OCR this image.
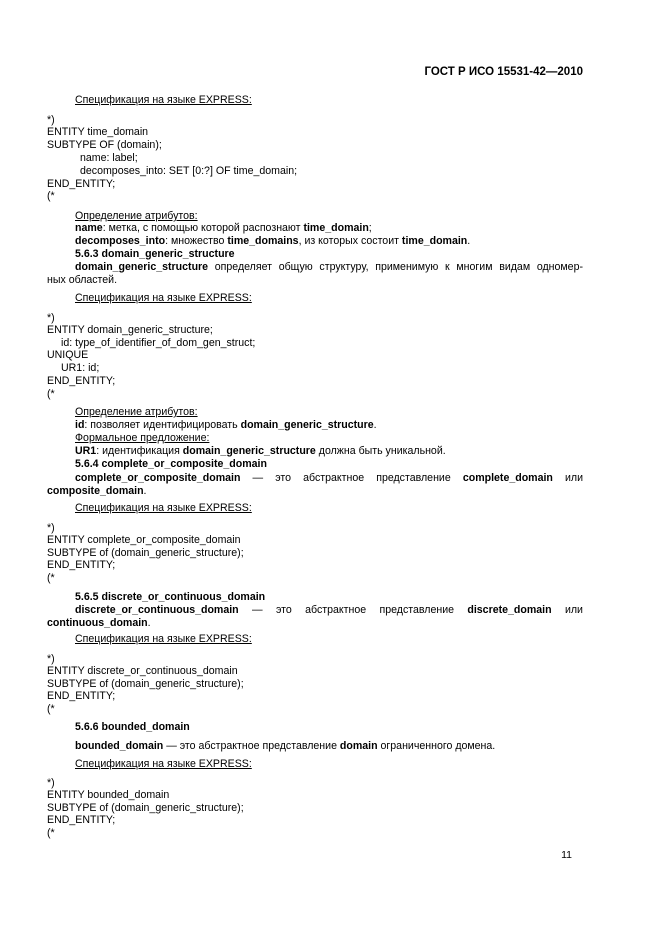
ГОСТ Р ИСО 15531-42—2010
Спецификация на языке EXPRESS:
*)
ENTITY time_domain
SUBTYPE OF (domain);
name: label;
decomposes_into: SET [0:?] OF time_domain;
END_ENTITY;
(*
Определение атрибутов:
name: метка, с помощью которой распознают time_domain;
decomposes_into: множество time_domains, из которых состоит time_domain.
5.6.3 domain_generic_structure
domain_generic_structure определяет общую структуру, применимую к многим видам одномер-
ных областей.
Спецификация на языке EXPRESS:
*)
ENTITY domain_generic_structure;
id: type_of_identifier_of_dom_gen_struct;
UNIQUE
UR1: id;
END_ENTITY;
(*
Определение атрибутов:
id: позволяет идентифицировать domain_generic_structure.
Формальное предложение:
UR1: идентификация domain_generic_structure должна быть уникальной.
5.6.4 complete_or_composite_domain
complete_or_composite_domain — это абстрактное представление complete_domain или
composite_domain.
Спецификация на языке EXPRESS:
*)
ENTITY complete_or_composite_domain
SUBTYPE of (domain_generic_structure);
END_ENTITY;
(*
5.6.5 discrete_or_continuous_domain
discrete_or_continuous_domain — это абстрактное представление discrete_domain или
continuous_domain.
Спецификация на языке EXPRESS:
*)
ENTITY discrete_or_continuous_domain
SUBTYPE of (domain_generic_structure);
END_ENTITY;
(*
5.6.6 bounded_domain
bounded_domain — это абстрактное представление domain ограниченного домена.
Спецификация на языке EXPRESS:
*)
ENTITY bounded_domain
SUBTYPE of (domain_generic_structure);
END_ENTITY;
(*
11
